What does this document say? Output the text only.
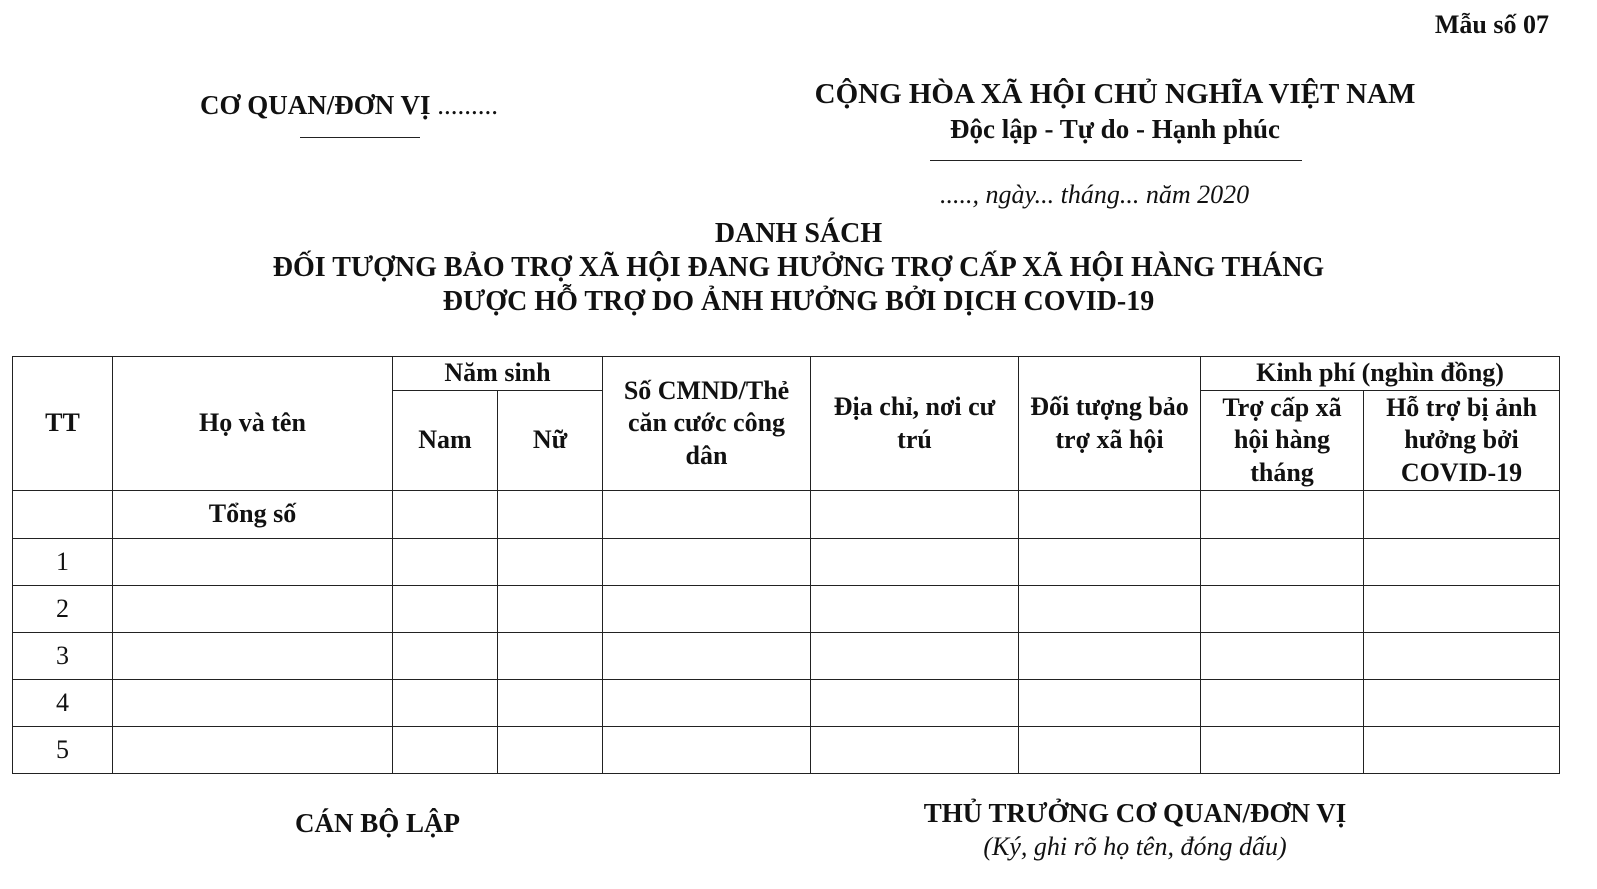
Mẫu số 07
CƠ QUAN/ĐƠN VỊ .........	CỘNG HÒA XÃ HỘI CHỦ NGHĨA VIỆT NAM
Độc lập - Tự do - Hạnh phúc
....., ngày... tháng... năm 2020
DANH SÁCH
ĐỐI TƯỢNG BẢO TRỢ XÃ HỘI ĐANG HƯỞNG TRỢ CẤP XÃ HỘI HÀNG THÁNG
ĐƯỢC HỖ TRỢ DO ẢNH HƯỞNG BỞI DỊCH COVID-19
TT	Họ và tên	Năm sinh		Số CMND/Thẻ căn cước công dân	Địa chỉ, nơi cư trú	Đối tượng bảo trợ xã hội	Kinh phí (nghìn đồng)	
		Nam	Nữ				Trợ cấp xã hội hàng tháng	Hỗ trợ bị ảnh hưởng bởi COVID-19
	Tổng số							
1								
2								
3								
4								
5								
CÁN BỘ LẬP	THỦ TRƯỞNG CƠ QUAN/ĐƠN VỊ
(Ký, ghi rõ họ tên, đóng dấu)
